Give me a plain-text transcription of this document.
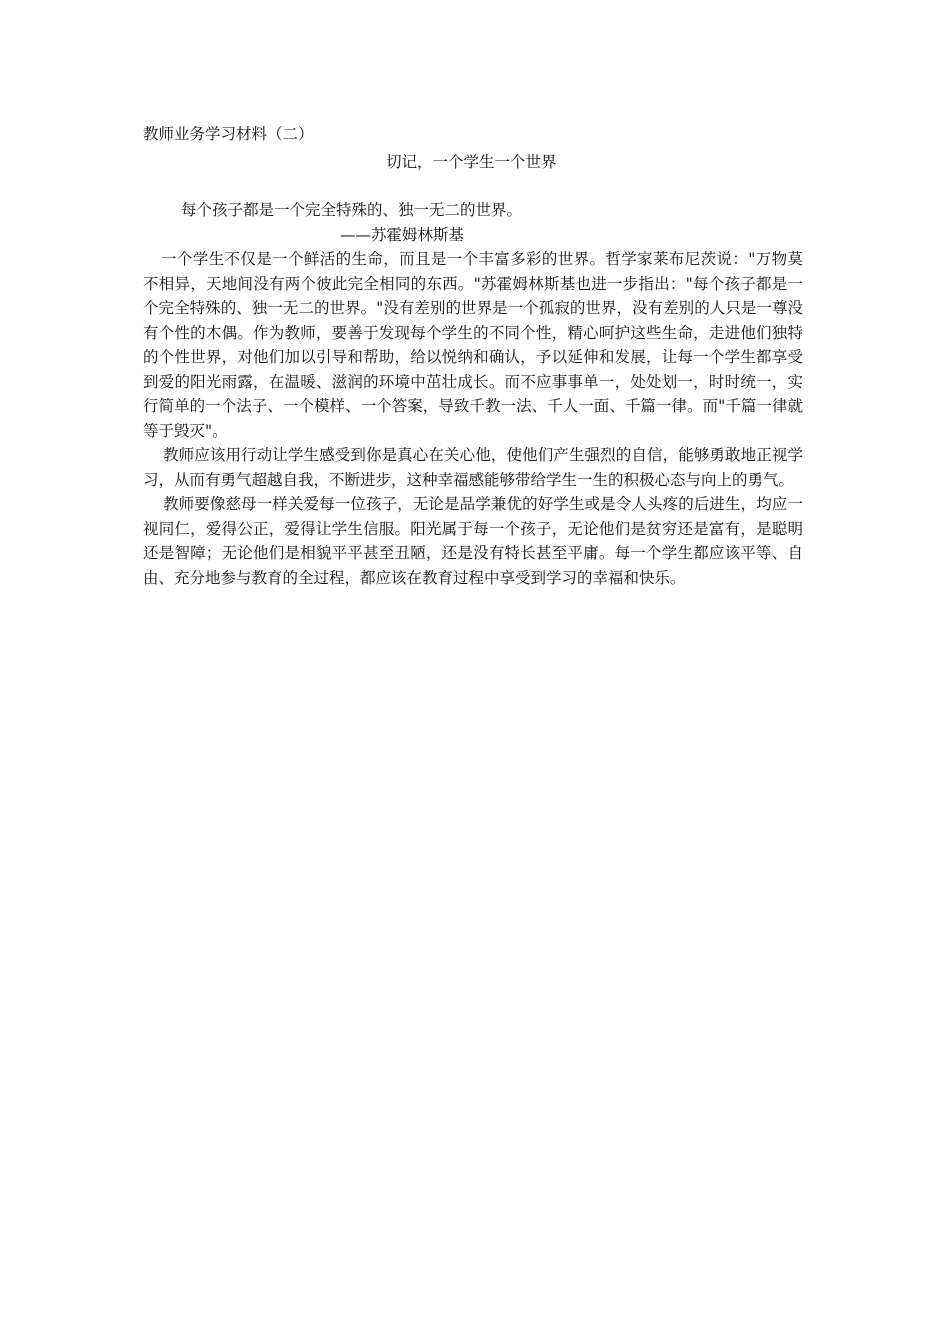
教师业务学习材料（二）

切记，一个学生一个世界

每个孩子都是一个完全特殊的、独一无二的世界。

——苏霍姆林斯基

一个学生不仅是一个鲜活的生命，而且是一个丰富多彩的世界。哲学家莱布尼茨说："万物莫不相异，天地间没有两个彼此完全相同的东西。"苏霍姆林斯基也进一步指出："每个孩子都是一个完全特殊的、独一无二的世界。"没有差别的世界是一个孤寂的世界，没有差别的人只是一尊没有个性的木偶。作为教师，要善于发现每个学生的不同个性，精心呵护这些生命，走进他们独特的个性世界，对他们加以引导和帮助，给以悦纳和确认，予以延伸和发展，让每一个学生都享受到爱的阳光雨露，在温暖、滋润的环境中茁壮成长。而不应事事单一，处处划一，时时统一，实行简单的一个法子、一个模样、一个答案，导致千教一法、千人一面、千篇一律。而"千篇一律就等于毁灭"。

教师应该用行动让学生感受到你是真心在关心他，使他们产生强烈的自信，能够勇敢地正视学习，从而有勇气超越自我，不断进步，这种幸福感能够带给学生一生的积极心态与向上的勇气。

教师要像慈母一样关爱每一位孩子，无论是品学兼优的好学生或是令人头疼的后进生，均应一视同仁，爱得公正，爱得让学生信服。阳光属于每一个孩子，无论他们是贫穷还是富有，是聪明还是智障；无论他们是相貌平平甚至丑陋，还是没有特长甚至平庸。每一个学生都应该平等、自由、充分地参与教育的全过程，都应该在教育过程中享受到学习的幸福和快乐。
